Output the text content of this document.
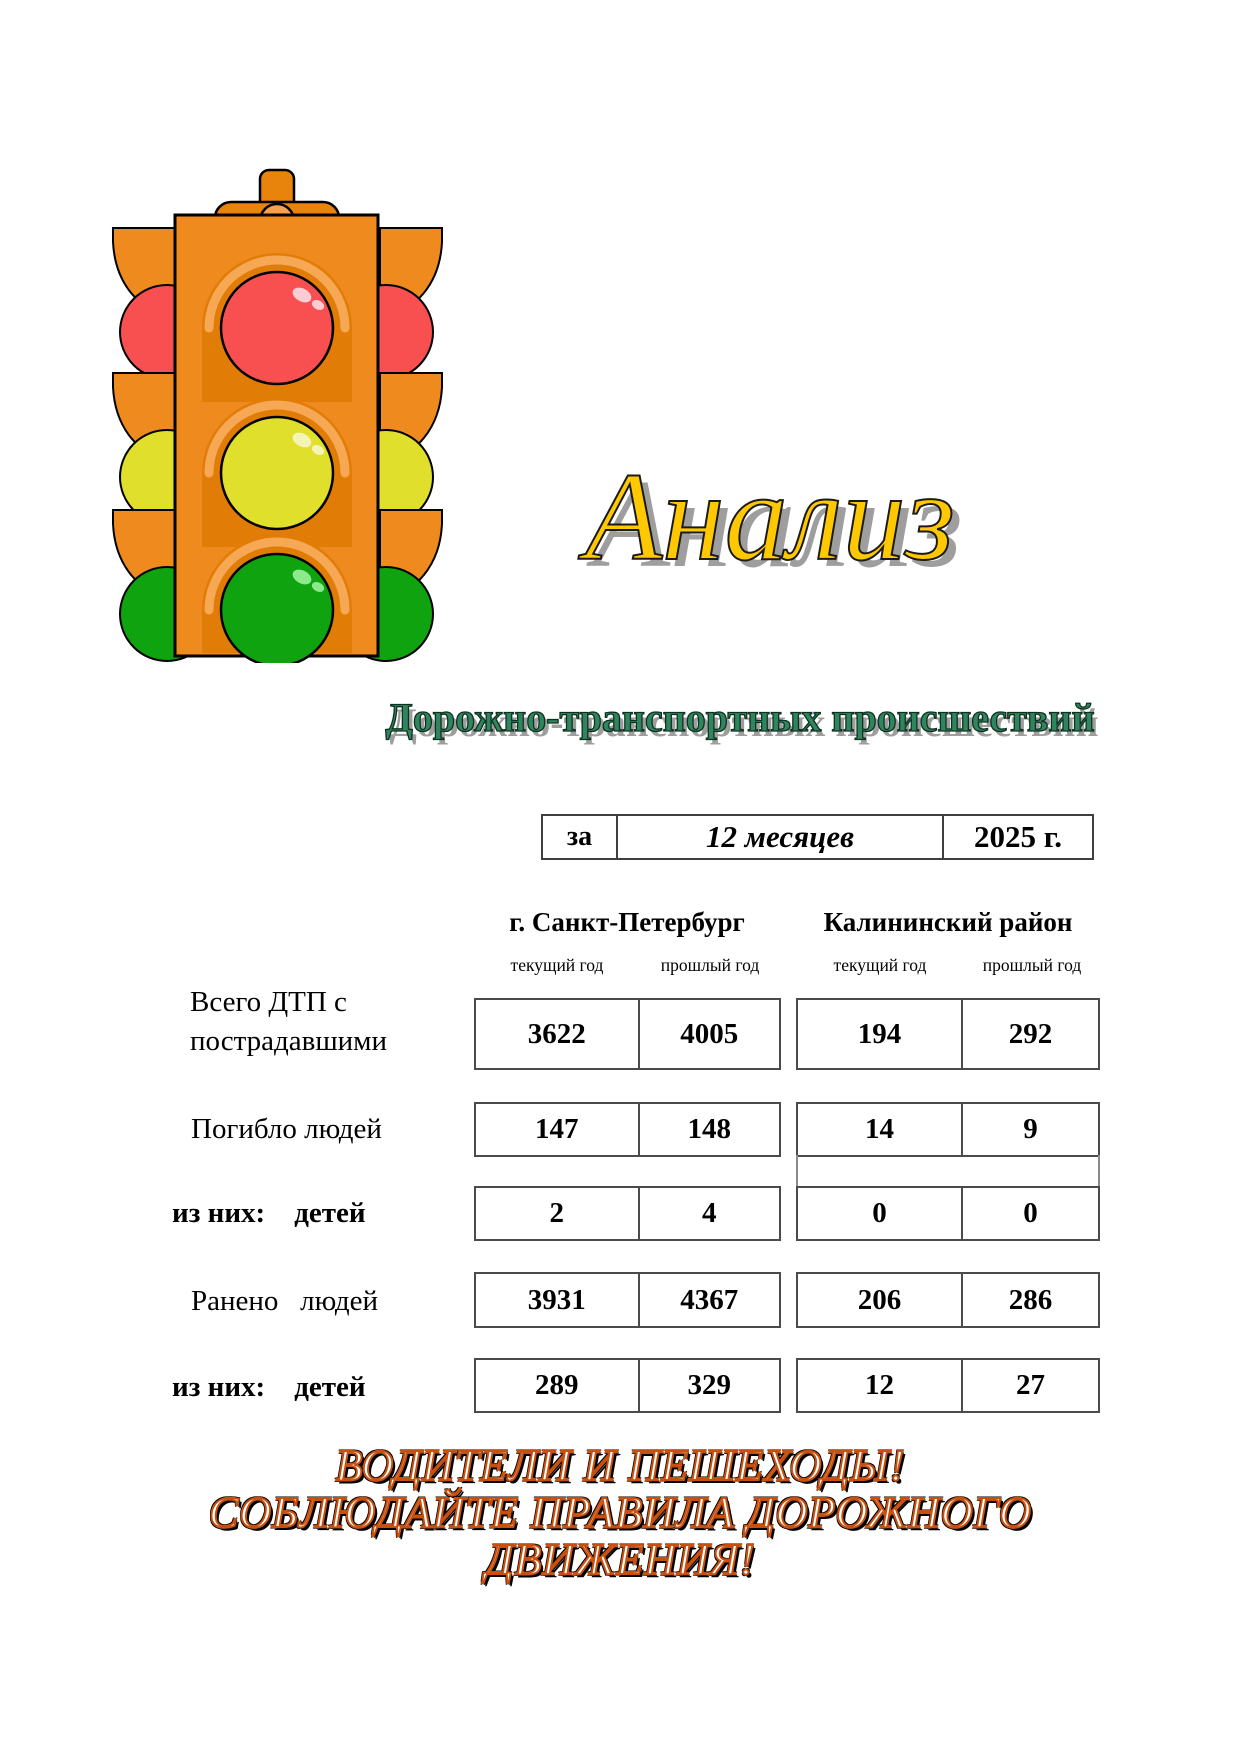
Анализ
Дорожно-транспортных происшествий
за	12 месяцев	2025 г.
г. Санкт-Петербург	Калининский район
текущий год	прошлый год	текущий год	прошлый год
Всего ДТП с пострадавшими	3622	4005	194	292
Погибло людей	147	148	14	9
из них:    детей	2	4	0	0
Ранено   людей	3931	4367	206	286
из них:    детей	289	329	12	27
ВОДИТЕЛИ И ПЕШЕХОДЫ!
СОБЛЮДАЙТЕ ПРАВИЛА ДОРОЖНОГО
ДВИЖЕНИЯ!
